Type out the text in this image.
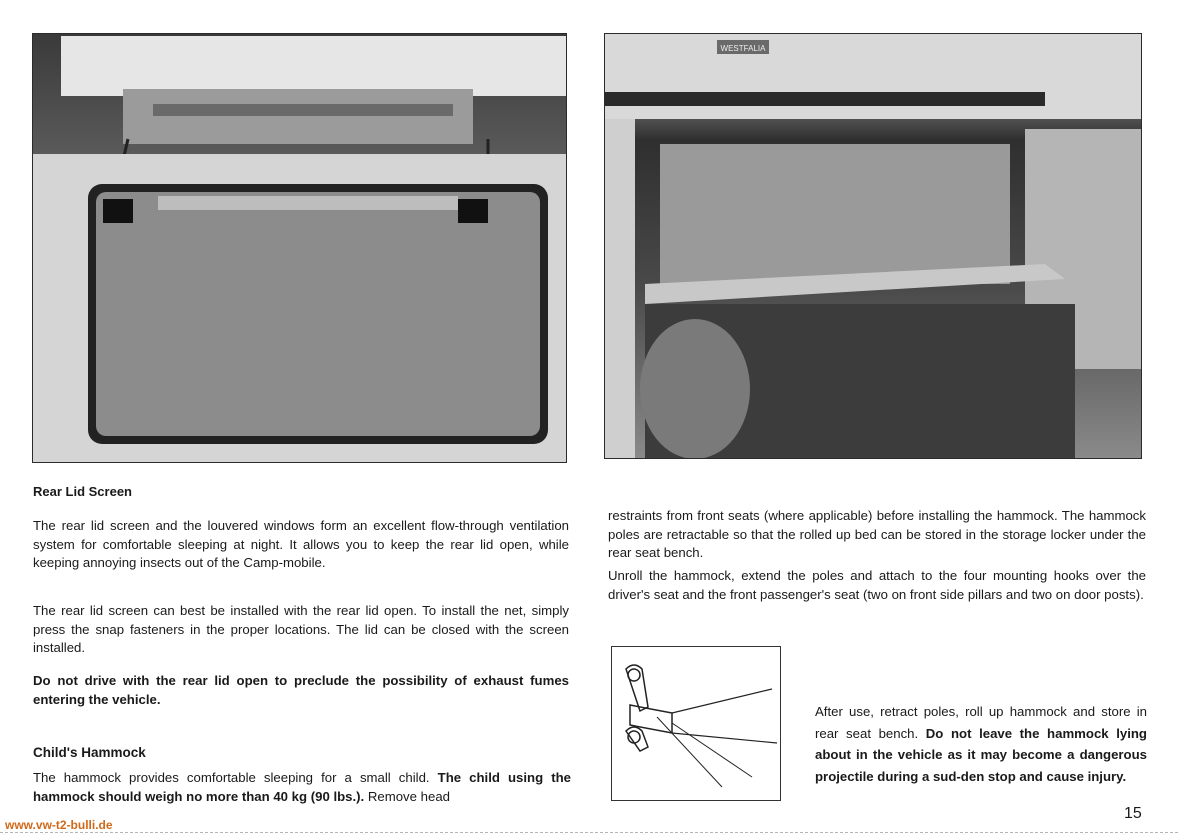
WESTFALIA
Rear Lid Screen

The rear lid screen and the louvered windows form an excellent flow-through ventilation system for comfortable sleeping at night. It allows you to keep the rear lid open, while keeping annoying insects out of the Camp-mobile.

The rear lid screen can best be installed with the rear lid open. To install the net, simply press the snap fasteners in the proper locations. The lid can be closed with the screen installed.

Do not drive with the rear lid open to preclude the possibility of exhaust fumes entering the vehicle.

Child's Hammock

The hammock provides comfortable sleeping for a small child. The child using the hammock should weigh no more than 40 kg (90 lbs.). Remove head

restraints from front seats (where applicable) before installing the hammock. The hammock poles are retractable so that the rolled up bed can be stored in the storage locker under the rear seat bench.

Unroll the hammock, extend the poles and attach to the four mounting hooks over the driver's seat and the front passenger's seat (two on front side pillars and two on door posts).

After use, retract poles, roll up hammock and store in rear seat bench. Do not leave the hammock lying about in the vehicle as it may become a dangerous projectile during a sud-den stop and cause injury.

15
www.vw-t2-bulli.de
